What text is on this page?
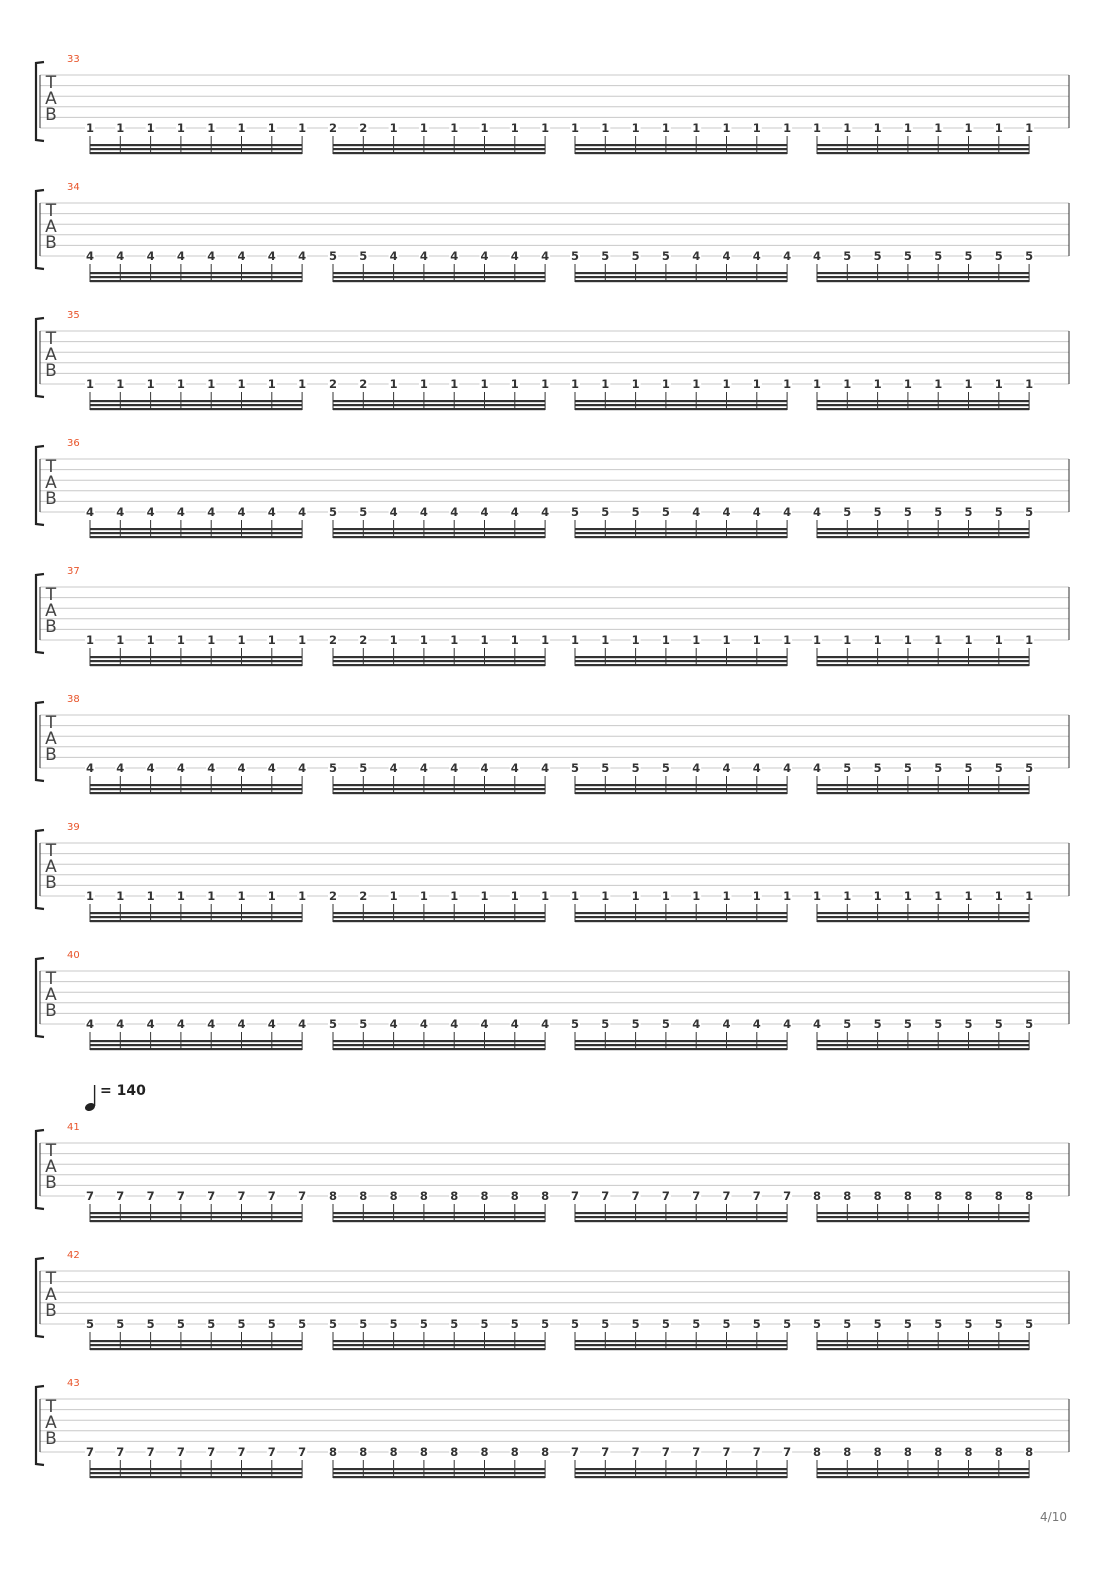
33
T
A
B
1 1 1 1 1 1 1 1 2 2 1 1 1 1 1 1 1 1 1 1 1 1 1 1 1 1 1 1 1 1 1 1
34
T
A
B
4 4 4 4 4 4 4 4 5 5 4 4 4 4 4 4 5 5 5 5 4 4 4 4 4 5 5 5 5 5 5 5
35
T
A
B
1 1 1 1 1 1 1 1 2 2 1 1 1 1 1 1 1 1 1 1 1 1 1 1 1 1 1 1 1 1 1 1
36
T
A
B
4 4 4 4 4 4 4 4 5 5 4 4 4 4 4 4 5 5 5 5 4 4 4 4 4 5 5 5 5 5 5 5
37
T
A
B
1 1 1 1 1 1 1 1 2 2 1 1 1 1 1 1 1 1 1 1 1 1 1 1 1 1 1 1 1 1 1 1
38
T
A
B
4 4 4 4 4 4 4 4 5 5 4 4 4 4 4 4 5 5 5 5 4 4 4 4 4 5 5 5 5 5 5 5
39
T
A
B
1 1 1 1 1 1 1 1 2 2 1 1 1 1 1 1 1 1 1 1 1 1 1 1 1 1 1 1 1 1 1 1
40
T
A
B
4 4 4 4 4 4 4 4 5 5 4 4 4 4 4 4 5 5 5 5 4 4 4 4 4 5 5 5 5 5 5 5
41
T
A
B
7 7 7 7 7 7 7 7 8 8 8 8 8 8 8 8 7 7 7 7 7 7 7 7 8 8 8 8 8 8 8 8
42
T
A
B
5 5 5 5 5 5 5 5 5 5 5 5 5 5 5 5 5 5 5 5 5 5 5 5 5 5 5 5 5 5 5 5
43
T
A
B
7 7 7 7 7 7 7 7 8 8 8 8 8 8 8 8 7 7 7 7 7 7 7 7 8 8 8 8 8 8 8 8
= 140
4/10
